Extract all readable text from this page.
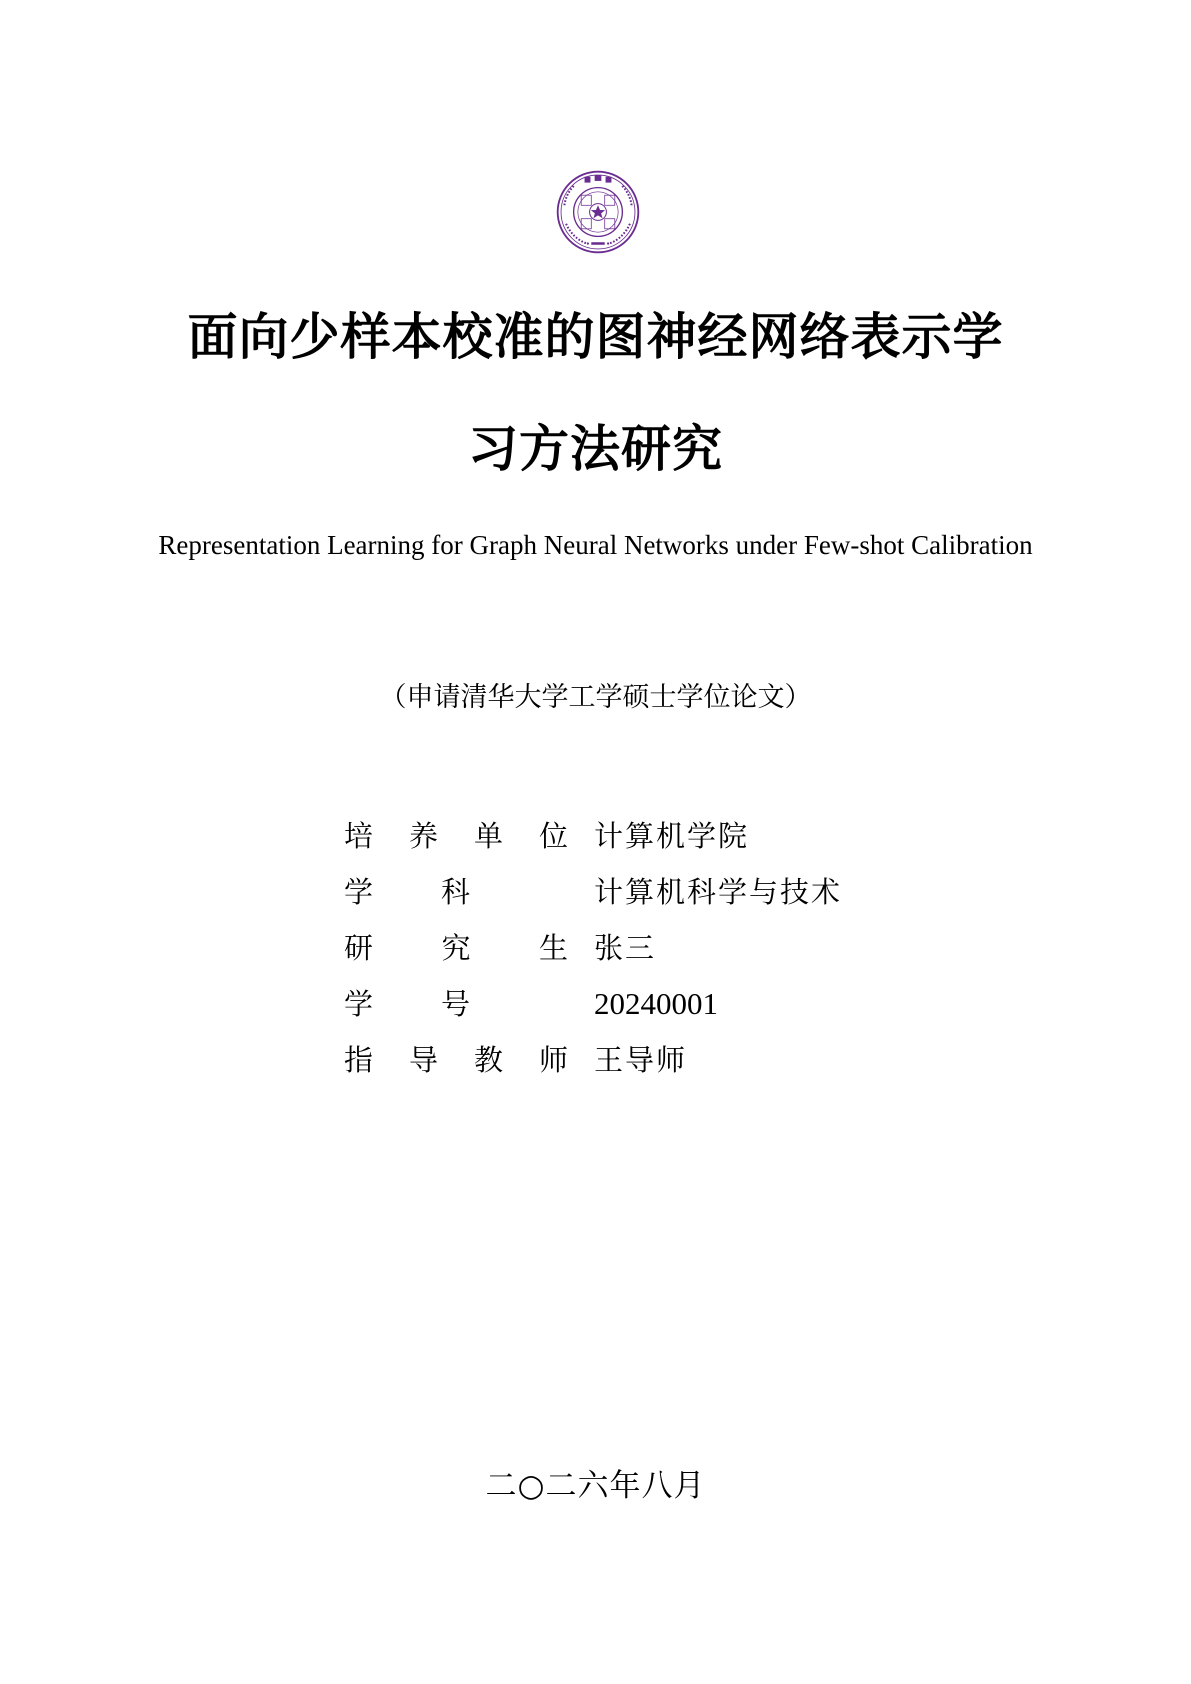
面向少样本校准的图神经网络表示学
习方法研究
Representation Learning for Graph Neural Networks under Few-shot Calibration
（申请清华大学工学硕士学位论文）
培 养 单 位 计算机学院
学 科	计算机科学与技术
研 究 生 张三
学 号	20240001
指 导 教 师 王导师
二○二六年八月
